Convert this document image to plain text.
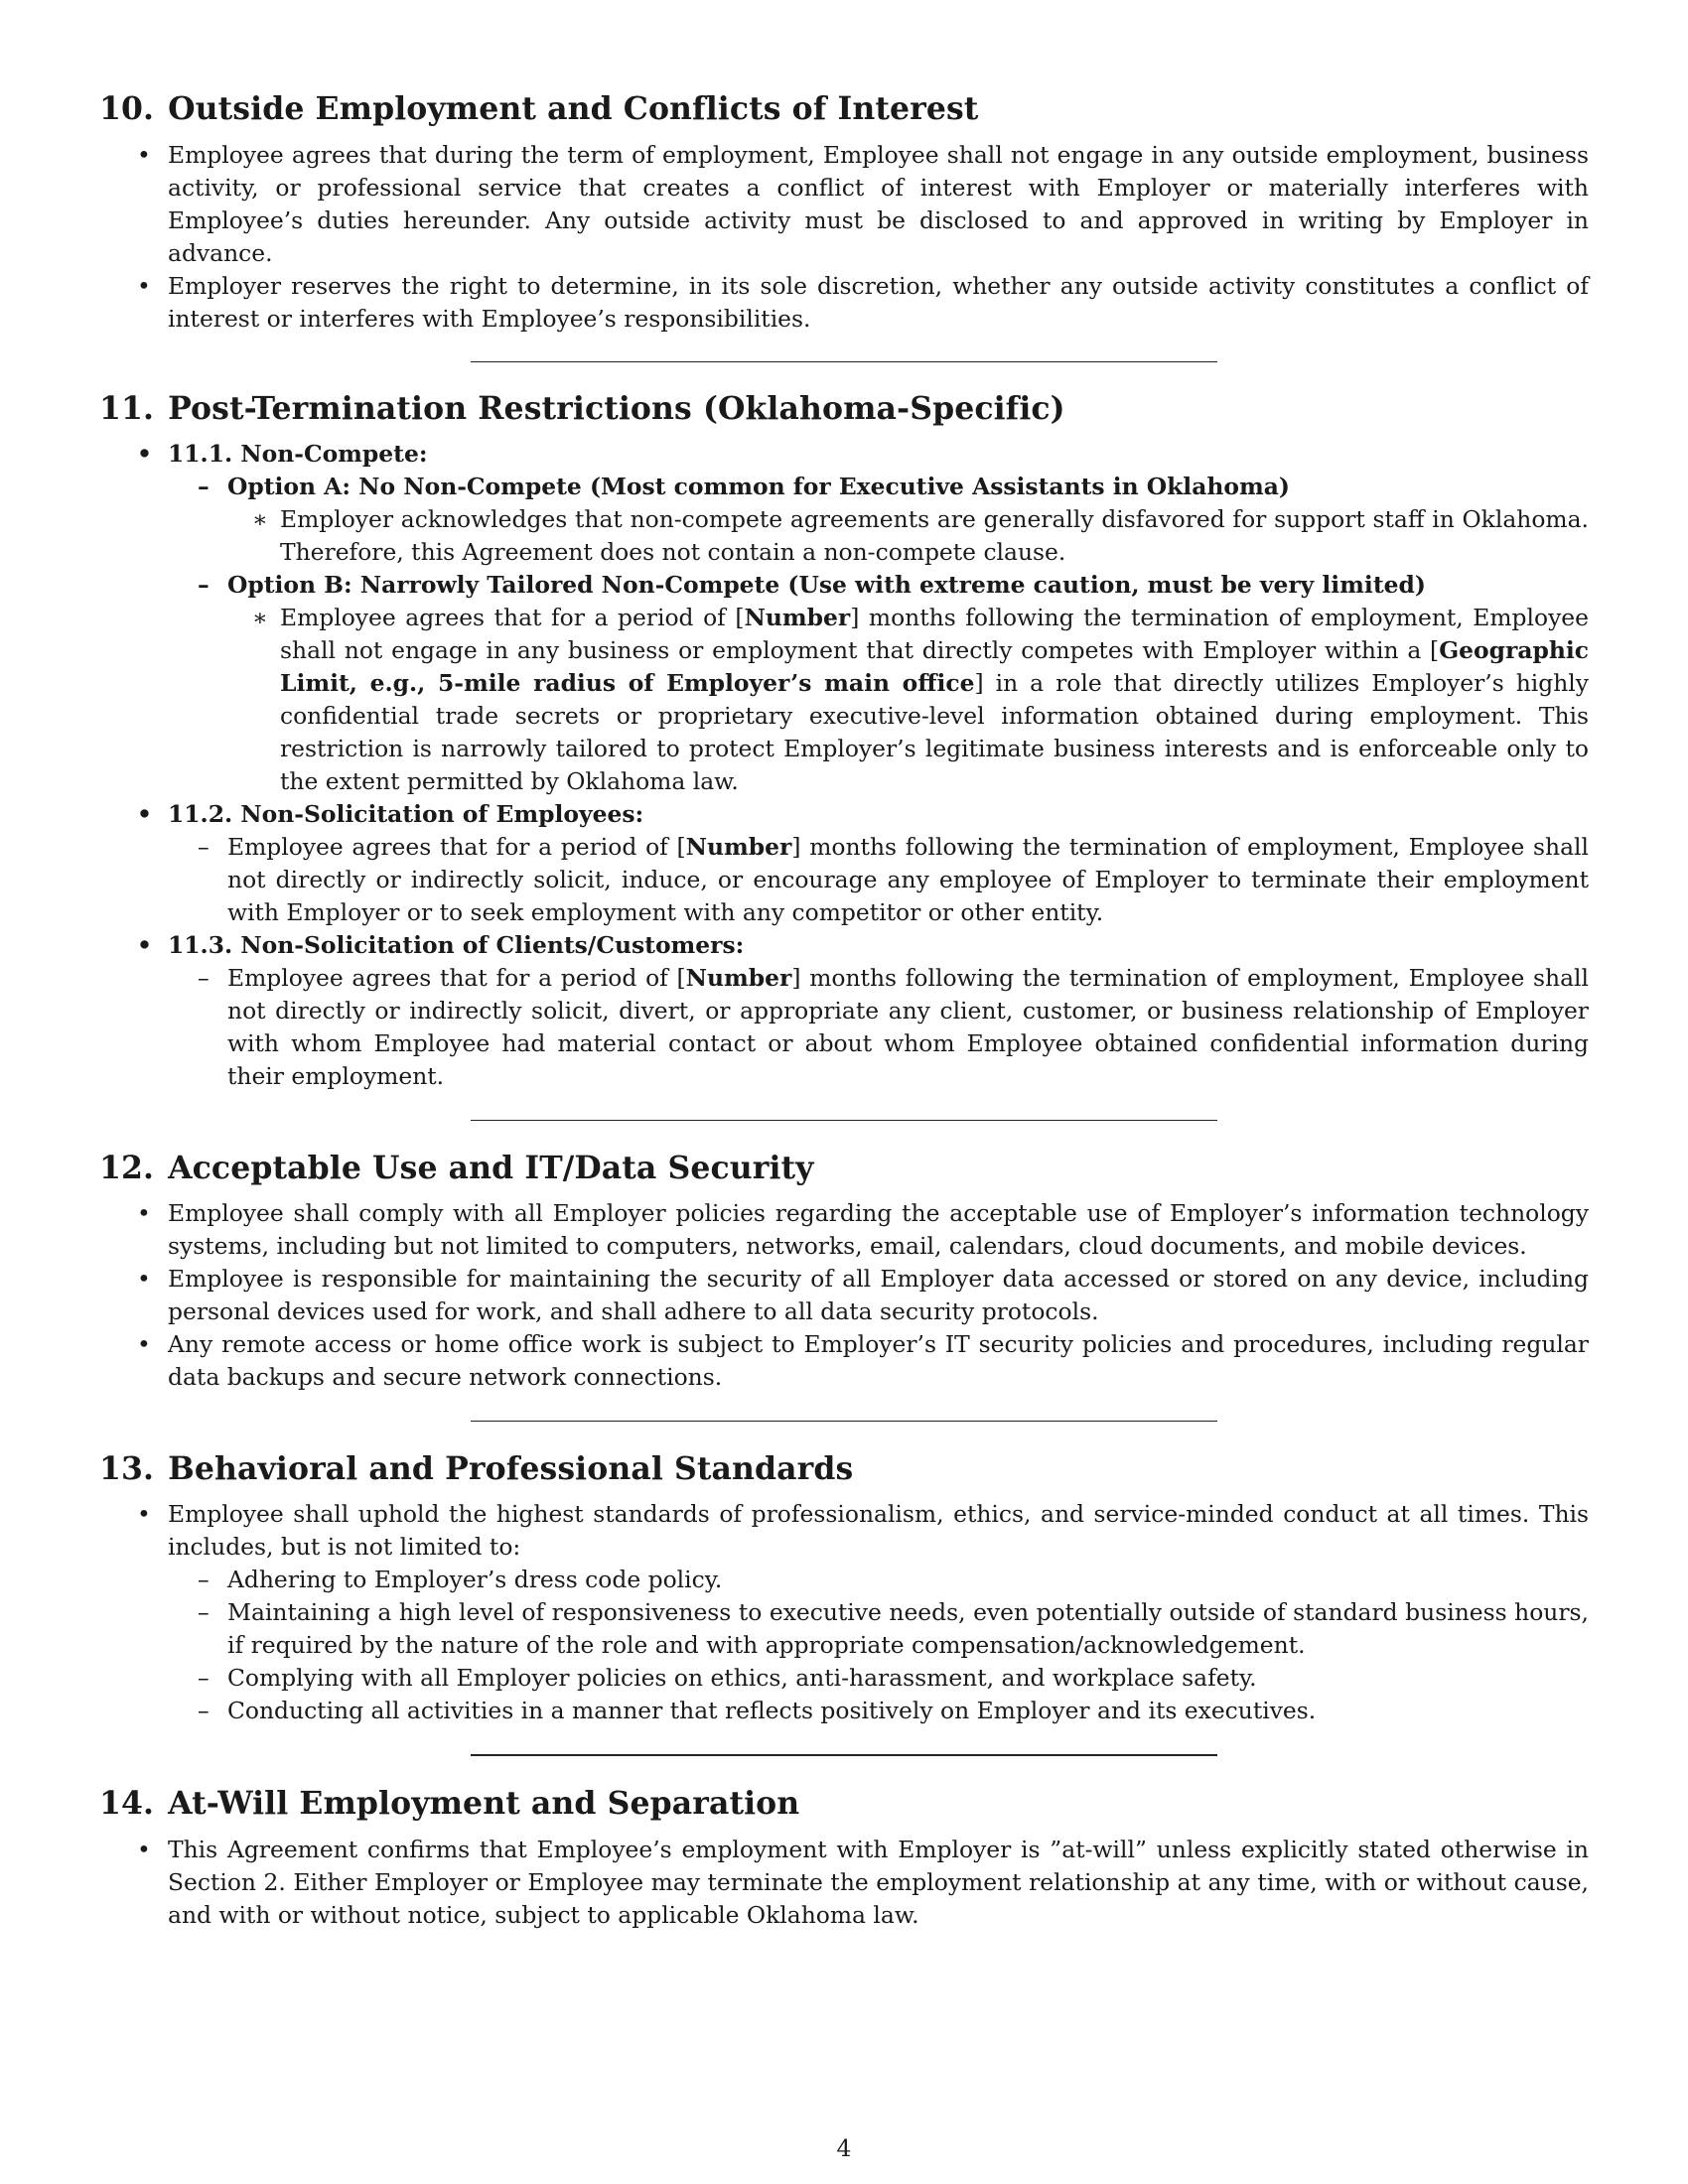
10. Outside Employment and Conflicts of Interest
• Employee agrees that during the term of employment, Employee shall not engage in any outside employment, business activity, or professional service that creates a conflict of interest with Employer or materially interferes with Employee’s duties hereunder. Any outside activity must be disclosed to and approved in writing by Employer in advance.
• Employer reserves the right to determine, in its sole discretion, whether any outside activity constitutes a conflict of interest or interferes with Employee’s responsibilities.
11. Post-Termination Restrictions (Oklahoma-Specific)
• 11.1. Non-Compete:
– Option A: No Non-Compete (Most common for Executive Assistants in Oklahoma)
∗ Employer acknowledges that non-compete agreements are generally disfavored for support staff in Oklahoma. Therefore, this Agreement does not contain a non-compete clause.
– Option B: Narrowly Tailored Non-Compete (Use with extreme caution, must be very limited)
∗ Employee agrees that for a period of [Number] months following the termination of employment, Employee shall not engage in any business or employment that directly competes with Employer within a [Geographic Limit, e.g., 5-mile radius of Employer’s main office] in a role that directly utilizes Employer’s highly confidential trade secrets or proprietary executive-level information obtained during employment. This restriction is narrowly tailored to protect Employer’s legitimate business interests and is enforceable only to the extent permitted by Oklahoma law.
• 11.2. Non-Solicitation of Employees:
– Employee agrees that for a period of [Number] months following the termination of employment, Employee shall not directly or indirectly solicit, induce, or encourage any employee of Employer to terminate their employment with Employer or to seek employment with any competitor or other entity.
• 11.3. Non-Solicitation of Clients/Customers:
– Employee agrees that for a period of [Number] months following the termination of employment, Employee shall not directly or indirectly solicit, divert, or appropriate any client, customer, or business relationship of Employer with whom Employee had material contact or about whom Employee obtained confidential information during their employment.
12. Acceptable Use and IT/Data Security
• Employee shall comply with all Employer policies regarding the acceptable use of Employer’s information technology systems, including but not limited to computers, networks, email, calendars, cloud documents, and mobile devices.
• Employee is responsible for maintaining the security of all Employer data accessed or stored on any device, including personal devices used for work, and shall adhere to all data security protocols.
• Any remote access or home office work is subject to Employer’s IT security policies and procedures, including regular data backups and secure network connections.
13. Behavioral and Professional Standards
• Employee shall uphold the highest standards of professionalism, ethics, and service-minded conduct at all times. This includes, but is not limited to:
– Adhering to Employer’s dress code policy.
– Maintaining a high level of responsiveness to executive needs, even potentially outside of standard business hours, if required by the nature of the role and with appropriate compensation/acknowledgement.
– Complying with all Employer policies on ethics, anti-harassment, and workplace safety.
– Conducting all activities in a manner that reflects positively on Employer and its executives.
14. At-Will Employment and Separation
• This Agreement confirms that Employee’s employment with Employer is ”at-will” unless explicitly stated otherwise in Section 2. Either Employer or Employee may terminate the employment relationship at any time, with or without cause, and with or without notice, subject to applicable Oklahoma law.
4
